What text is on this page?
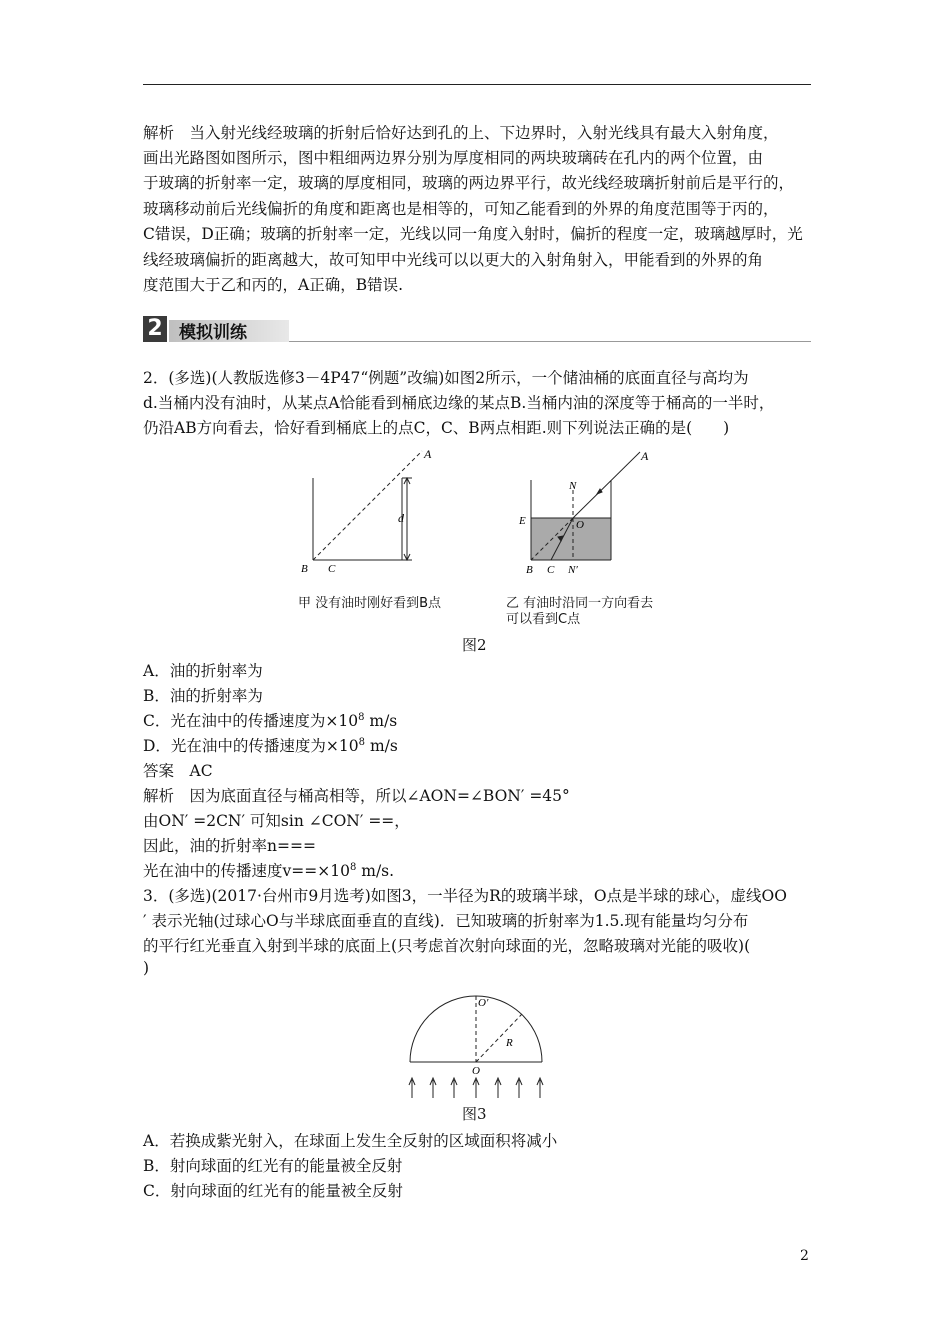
解析　当入射光线经玻璃的折射后恰好达到孔的上、下边界时，入射光线具有最大入射角度，
画出光路图如图所示，图中粗细两边界分别为厚度相同的两块玻璃砖在孔内的两个位置，由
于玻璃的折射率一定，玻璃的厚度相同，玻璃的两边界平行，故光线经玻璃折射前后是平行的，
玻璃移动前后光线偏折的角度和距离也是相等的，可知乙能看到的外界的角度范围等于丙的，
C错误，D正确；玻璃的折射率一定，光线以同一角度入射时，偏折的程度一定，玻璃越厚时，光
线经玻璃偏折的距离越大，故可知甲中光线可以以更大的入射角射入，甲能看到的外界的角
度范围大于乙和丙的，A正确，B错误.
2 模拟训练
2．(多选)(人教版选修3－4P47“例题”改编)如图2所示，一个储油桶的底面直径与高均为
d.当桶内没有油时，从某点A恰能看到桶底边缘的某点B.当桶内油的深度等于桶高的一半时，
仍沿AB方向看去，恰好看到桶底上的点C，C、B两点相距.则下列说法正确的是(　　)
A
d
B C
A
N
E	O
B C N′
甲 没有油时刚好看到B点	乙 有油时沿同一方向看去
可以看到C点
图2
A．油的折射率为
B．油的折射率为
C．光在油中的传播速度为$\times 10^8$ m/s
D．光在油中的传播速度为$\times 10^8$ m/s
答案　AC
解析　因为底面直径与桶高相等，所以∠AON=∠BON′ =45°
由ON′ =2CN′ 可知sin ∠CON′ ==，
因此，油的折射率n===
光在油中的传播速度$v==\times 10^8$ m/s.
3．(多选)(2017·台州市9月选考)如图3，一半径为R的玻璃半球，O点是半球的球心，虚线OO
′ 表示光轴(过球心O与半球底面垂直的直线)．已知玻璃的折射率为1.5.现有能量均匀分布
的平行红光垂直入射到半球的底面上(只考虑首次射向球面的光，忽略玻璃对光能的吸收)(
)
O′
R
O
图3
A．若换成紫光射入，在球面上发生全反射的区域面积将减小
B．射向球面的红光有的能量被全反射
C．射向球面的红光有的能量被全反射
2
